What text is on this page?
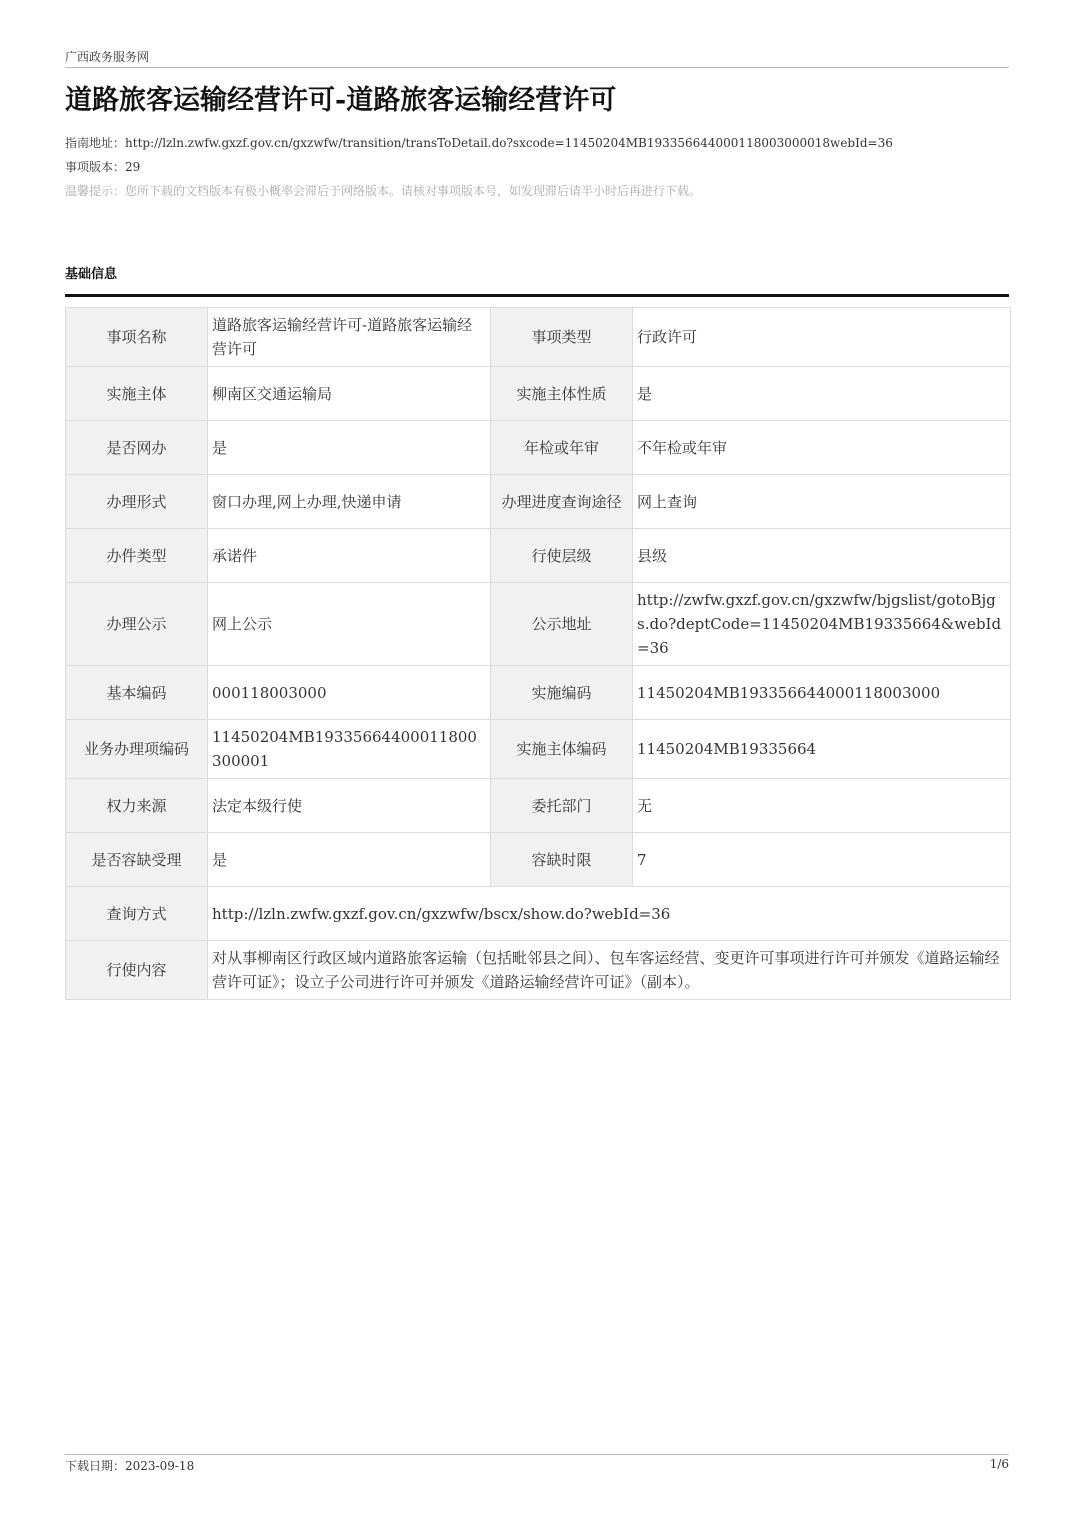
广西政务服务网
道路旅客运输经营许可-道路旅客运输经营许可
指南地址：http://lzln.zwfw.gxzf.gov.cn/gxzwfw/transition/transToDetail.do?sxcode=11450204MB193356644000118003000018webId=36
事项版本：29
温馨提示：您所下载的文档版本有极小概率会滞后于网络版本。请核对事项版本号，如发现滞后请半小时后再进行下载。
基础信息
事项名称	道路旅客运输经营许可-道路旅客运输经营许可	事项类型	行政许可
实施主体	柳南区交通运输局	实施主体性质	是
是否网办	是	年检或年审	不年检或年审
办理形式	窗口办理,网上办理,快递申请	办理进度查询途径	网上查询
办件类型	承诺件	行使层级	县级
办理公示	网上公示	公示地址	http://zwfw.gxzf.gov.cn/gxzwfw/bjgslist/gotoBjgs.do?deptCode=11450204MB19335664&webId=36
基本编码	000118003000	实施编码	11450204MB193356644000118003000
业务办理项编码	11450204MB19335664400011800300001	实施主体编码	11450204MB19335664
权力来源	法定本级行使	委托部门	无
是否容缺受理	是	容缺时限	7
查询方式	http://lzln.zwfw.gxzf.gov.cn/gxzwfw/bscx/show.do?webId=36		
行使内容	对从事柳南区行政区域内道路旅客运输（包括毗邻县之间）、包车客运经营、变更许可事项进行许可并颁发《道路运输经营许可证》；设立子公司进行许可并颁发《道路运输经营许可证》（副本）。		
下载日期：2023-09-18	1/6
